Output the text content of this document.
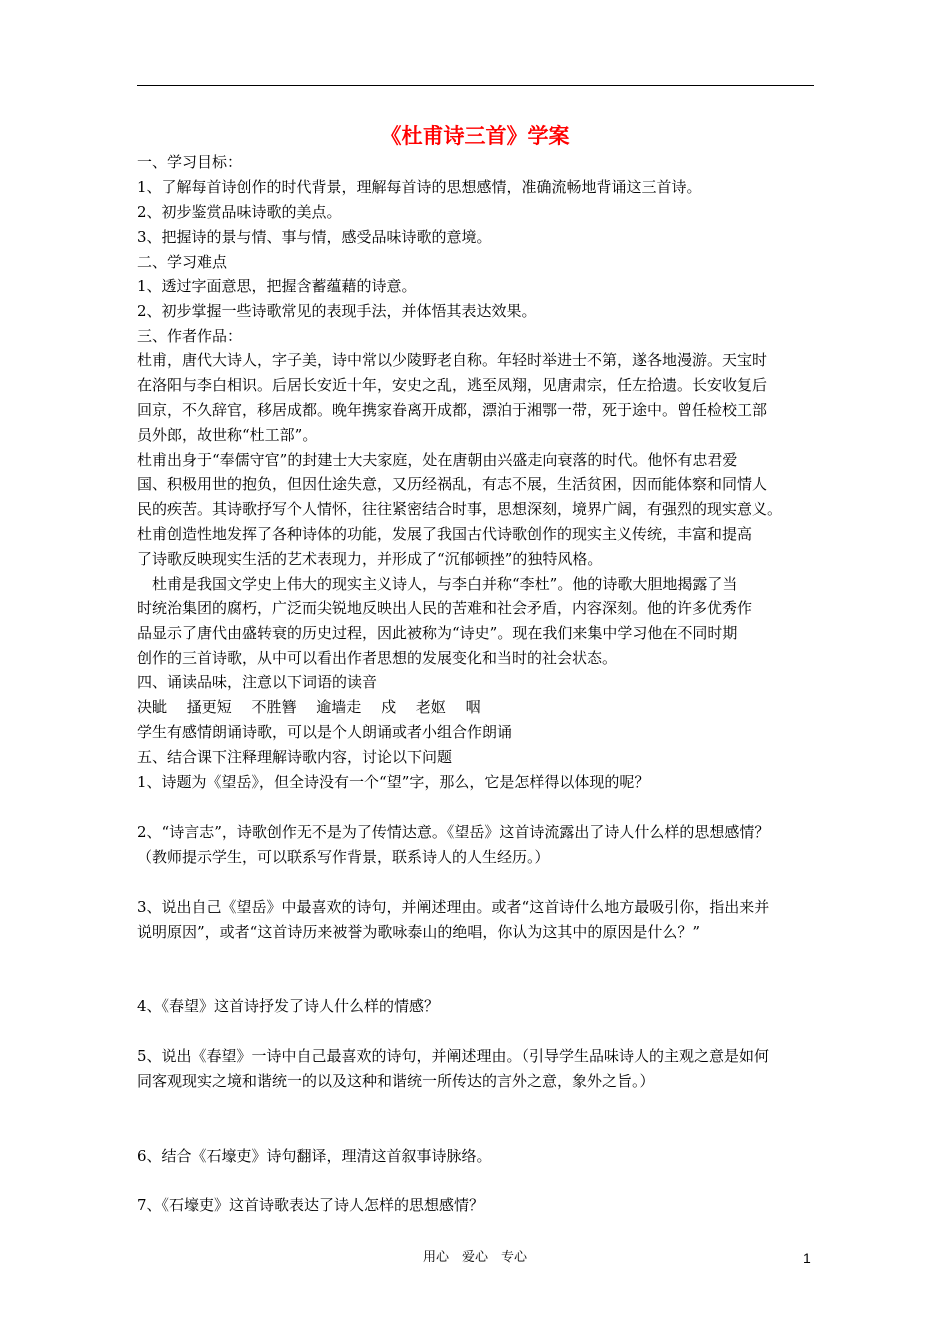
《杜甫诗三首》学案
一、学习目标：
1、了解每首诗创作的时代背景，理解每首诗的思想感情，准确流畅地背诵这三首诗。
2、初步鉴赏品味诗歌的美点。
3、把握诗的景与情、事与情，感受品味诗歌的意境。
二、学习难点
1、透过字面意思，把握含蓄蕴藉的诗意。
2、初步掌握一些诗歌常见的表现手法，并体悟其表达效果。
三、作者作品：
杜甫，唐代大诗人，字子美，诗中常以少陵野老自称。年轻时举进士不第，遂各地漫游。天宝时
在洛阳与李白相识。后居长安近十年，安史之乱，逃至凤翔，见唐肃宗，任左拾遗。长安收复后
回京，不久辞官，移居成都。晚年携家眷离开成都，漂泊于湘鄂一带，死于途中。曾任检校工部
员外郎，故世称“杜工部”。
杜甫出身于“奉儒守官”的封建士大夫家庭，处在唐朝由兴盛走向衰落的时代。他怀有忠君爱
国、积极用世的抱负，但因仕途失意，又历经祸乱，有志不展，生活贫困，因而能体察和同情人
民的疾苦。其诗歌抒写个人情怀，往往紧密结合时事，思想深刻，境界广阔，有强烈的现实意义。
杜甫创造性地发挥了各种诗体的功能，发展了我国古代诗歌创作的现实主义传统，丰富和提高
了诗歌反映现实生活的艺术表现力，并形成了“沉郁顿挫”的独特风格。
　杜甫是我国文学史上伟大的现实主义诗人，与李白并称“李杜”。他的诗歌大胆地揭露了当
时统治集团的腐朽，广泛而尖锐地反映出人民的苦难和社会矛盾，内容深刻。他的许多优秀作
品显示了唐代由盛转衰的历史过程，因此被称为“诗史”。现在我们来集中学习他在不同时期
创作的三首诗歌，从中可以看出作者思想的发展变化和当时的社会状态。
四、诵读品味，注意以下词语的读音
决眦　 搔更短　 不胜簪　 逾墙走　 戍　 老妪　 咽
学生有感情朗诵诗歌，可以是个人朗诵或者小组合作朗诵
五、结合课下注释理解诗歌内容，讨论以下问题
1、诗题为《望岳》，但全诗没有一个“望”字，那么，它是怎样得以体现的呢？
2、“诗言志”，诗歌创作无不是为了传情达意。《望岳》这首诗流露出了诗人什么样的思想感情？
（教师提示学生，可以联系写作背景，联系诗人的人生经历。）
3、说出自己《望岳》中最喜欢的诗句，并阐述理由。或者“这首诗什么地方最吸引你，指出来并
说明原因”，或者“这首诗历来被誉为歌咏泰山的绝唱，你认为这其中的原因是什么？”
4、《春望》这首诗抒发了诗人什么样的情感？
5、说出《春望》一诗中自己最喜欢的诗句，并阐述理由。（引导学生品味诗人的主观之意是如何
同客观现实之境和谐统一的以及这种和谐统一所传达的言外之意，象外之旨。）
6、结合《石壕吏》诗句翻译，理清这首叙事诗脉络。
7、《石壕吏》这首诗歌表达了诗人怎样的思想感情？
用心　爱心　专心	1
